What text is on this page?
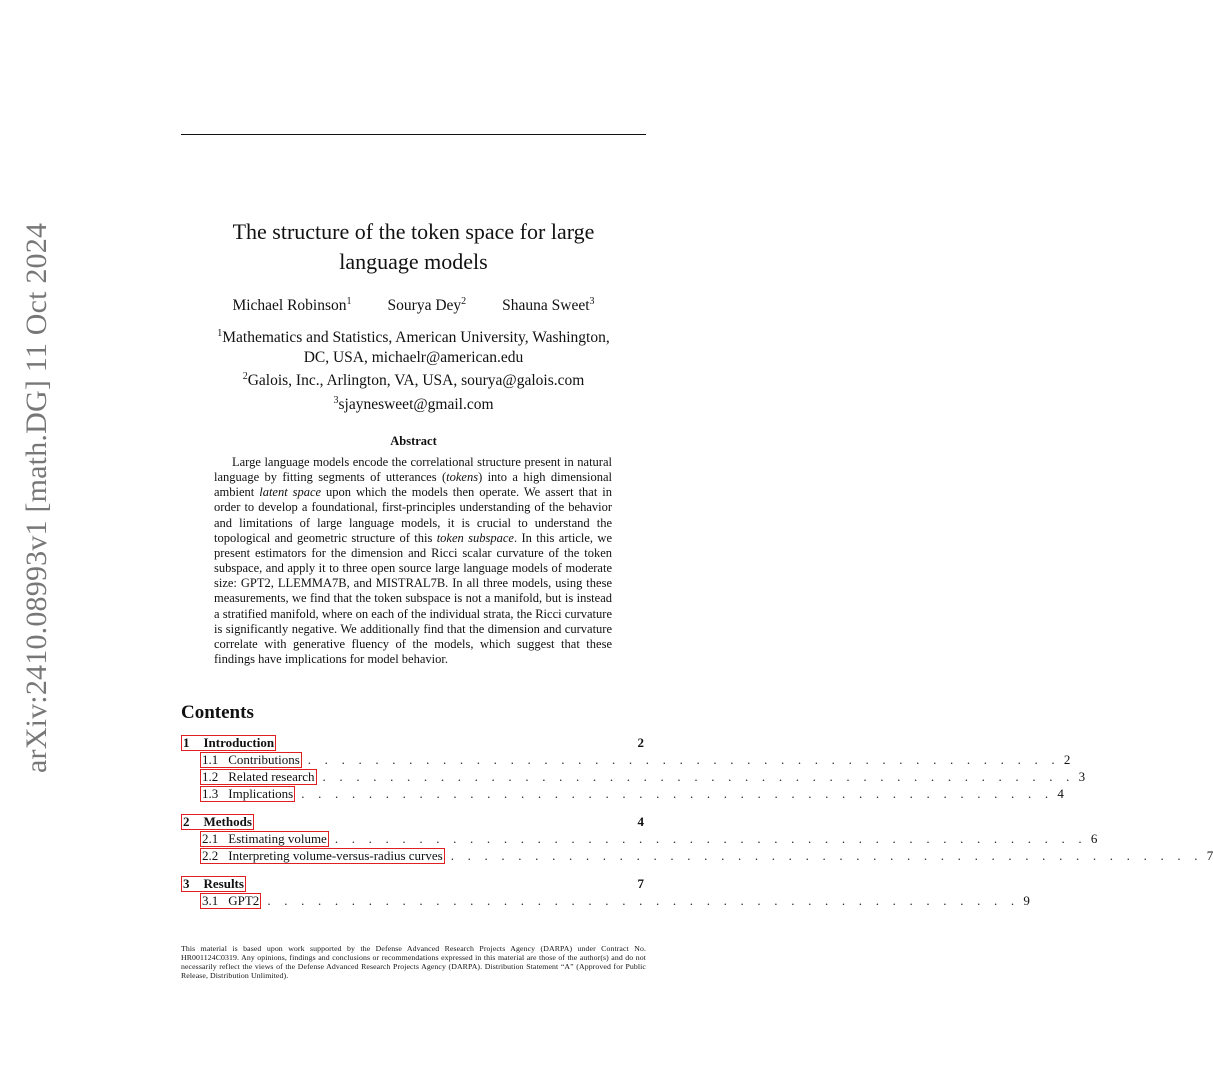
arXiv:2410.08993v1 [math.DG] 11 Oct 2024	The structure of the token space for large
language models
Michael Robinson$^1$ Sourya Dey$^2$ Shauna Sweet$^3$
$^1$Mathematics and Statistics, American University, Washington,
DC, USA, michaelr@american.edu
$^2$Galois, Inc., Arlington, VA, USA, sourya@galois.com
$^3$sjaynesweet@gmail.com
Abstract

Large language models encode the correlational structure present in natural language by fitting segments of utterances (tokens) into a high dimensional ambient latent space upon which the models then operate. We assert that in order to develop a foundational, first-principles understanding of the behavior and limitations of large language models, it is crucial to understand the topological and geometric structure of this token subspace. In this article, we present estimators for the dimension and Ricci scalar curvature of the token subspace, and apply it to three open source large language models of moderate size: GPT2, LLEMMA7B, and MISTRAL7B. In all three models, using these measurements, we find that the token subspace is not a manifold, but is instead a stratified manifold, where on each of the individual strata, the Ricci curvature is significantly negative. We additionally find that the dimension and curvature correlate with generative fluency of the models, which suggest that these findings have implications for model behavior.

Contents
1 Introduction	2
1.1 Contributions . . . . . . . . . . . . . . . . . . . . . . . . . . . . . . . . . . . . . . . . . . . . . 2
1.2 Related research . . . . . . . . . . . . . . . . . . . . . . . . . . . . . . . . . . . . . . . . . . . . . 3
1.3 Implications . . . . . . . . . . . . . . . . . . . . . . . . . . . . . . . . . . . . . . . . . . . . . 4
2 Methods	4
2.1 Estimating volume . . . . . . . . . . . . . . . . . . . . . . . . . . . . . . . . . . . . . . . . . . . . . 6
2.2 Interpreting volume-versus-radius curves . . . . . . . . . . . . . . . . . . . . . . . . . . . . . . . . . . . . . . . . . . . . . 7
3 Results	7
3.1 GPT2 . . . . . . . . . . . . . . . . . . . . . . . . . . . . . . . . . . . . . . . . . . . . . 9

This material is based upon work supported by the Defense Advanced Research Projects Agency (DARPA) under Contract No. HR001124C0319. Any opinions, findings and conclusions or recommendations expressed in this material are those of the author(s) and do not necessarily reflect the views of the Defense Advanced Research Projects Agency (DARPA). Distribution Statement “A” (Approved for Public Release, Distribution Unlimited).
